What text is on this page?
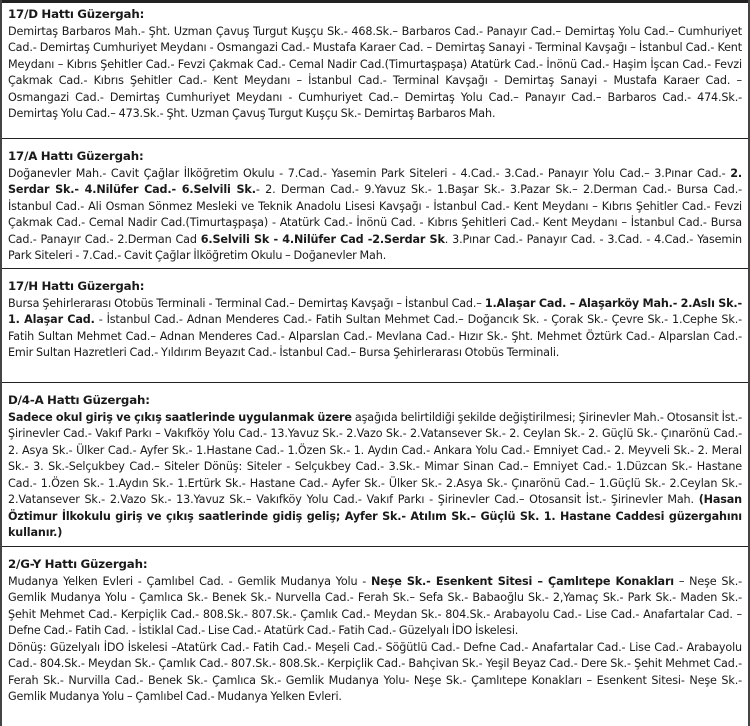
17/D Hattı Güzergah:

Demirtaş Barbaros Mah.- Şht. Uzman Çavuş Turgut Kuşçu Sk.- 468.Sk.– Barbaros Cad.- Panayır Cad.– Demirtaş Yolu Cad.– Cumhuriyet Cad.- Demirtaş Cumhuriyet Meydanı - Osmangazi Cad.- Mustafa Karaer Cad. – Demirtaş Sanayi - Terminal Kavşağı – İstanbul Cad.- Kent Meydanı – Kıbrıs Şehitler Cad.- Fevzi Çakmak Cad.- Cemal Nadir Cad.(Timurtaşpaşa) Atatürk Cad.- İnönü Cad.- Haşim İşcan Cad.- Fevzi Çakmak Cad.- Kıbrıs Şehitler Cad.- Kent Meydanı – İstanbul Cad.- Terminal Kavşağı - Demirtaş Sanayi - Mustafa Karaer Cad. – Osmangazi Cad.- Demirtaş Cumhuriyet Meydanı - Cumhuriyet Cad.– Demirtaş Yolu Cad.– Panayır Cad.– Barbaros Cad.- 474.Sk.- Demirtaş Yolu Cad.– 473.Sk.- Şht. Uzman Çavuş Turgut Kuşçu Sk.- Demirtaş Barbaros Mah.

17/A Hattı Güzergah:

Doğanevler Mah.- Cavit Çağlar İlköğretim Okulu - 7.Cad.- Yasemin Park Siteleri - 4.Cad.- 3.Cad.- Panayır Yolu Cad.– 3.Pınar Cad.- 2. Serdar Sk.- 4.Nilüfer Cad.- 6.Selvili Sk.- 2. Derman Cad.- 9.Yavuz Sk.- 1.Başar Sk.- 3.Pazar Sk.– 2.Derman Cad.- Bursa Cad.- İstanbul Cad.- Ali Osman Sönmez Mesleki ve Teknik Anadolu Lisesi Kavşağı - İstanbul Cad.- Kent Meydanı – Kıbrıs Şehitler Cad.- Fevzi Çakmak Cad.- Cemal Nadir Cad.(Timurtaşpaşa) - Atatürk Cad.- İnönü Cad. - Kıbrıs Şehitleri Cad.- Kent Meydanı – İstanbul Cad.- Bursa Cad.- Panayır Cad.- 2.Derman Cad 6.Selvili Sk - 4.Nilüfer Cad -2.Serdar Sk. 3.Pınar Cad.- Panayır Cad. - 3.Cad. - 4.Cad.- Yasemin Park Siteleri - 7.Cad.- Cavit Çağlar İlköğretim Okulu – Doğanevler Mah.

17/H Hattı Güzergah:

Bursa Şehirlerarası Otobüs Terminali - Terminal Cad.– Demirtaş Kavşağı – İstanbul Cad.– 1.Alaşar Cad. – Alaşarköy Mah.- 2.Aslı Sk.- 1. Alaşar Cad. - İstanbul Cad.- Adnan Menderes Cad.- Fatih Sultan Mehmet Cad.– Doğancık Sk. - Çorak Sk.- Çevre Sk.- 1.Cephe Sk.- Fatih Sultan Mehmet Cad.– Adnan Menderes Cad.- Alparslan Cad.- Mevlana Cad.- Hızır Sk.- Şht. Mehmet Öztürk Cad.- Alparslan Cad.- Emir Sultan Hazretleri Cad.- Yıldırım Beyazıt Cad.- İstanbul Cad.– Bursa Şehirlerarası Otobüs Terminali.

D/4-A Hattı Güzergah:

Sadece okul giriş ve çıkış saatlerinde uygulanmak üzere aşağıda belirtildiği şekilde değiştirilmesi; Şirinevler Mah.- Otosansit İst.- Şirinevler Cad.- Vakıf Parkı – Vakıfköy Yolu Cad.- 13.Yavuz Sk.- 2.Vazo Sk.- 2.Vatansever Sk.- 2. Ceylan Sk.- 2. Güçlü Sk.- Çınarönü Cad.- 2. Asya Sk.- Ülker Cad.- Ayfer Sk.- 1.Hastane Cad.- 1.Özen Sk.- 1. Aydın Cad.- Ankara Yolu Cad.- Emniyet Cad.- 2. Meyveli Sk.- 2. Meral Sk.- 3. Sk.-Selçukbey Cad.– Siteler Dönüş: Siteler - Selçukbey Cad.- 3.Sk.- Mimar Sinan Cad.– Emniyet Cad.- 1.Düzcan Sk.- Hastane Cad.- 1.Özen Sk.- 1.Aydın Sk.- 1.Ertürk Sk.- Hastane Cad.- Ayfer Sk.- Ülker Sk.- 2.Asya Sk.- Çınarönü Cad.– 1.Güçlü Sk.- 2.Ceylan Sk.- 2.Vatansever Sk.- 2.Vazo Sk.- 13.Yavuz Sk.– Vakıfköy Yolu Cad.- Vakıf Parkı - Şirinevler Cad.– Otosansit İst.- Şirinevler Mah. (Hasan Öztimur İlkokulu giriş ve çıkış saatlerinde gidiş geliş; Ayfer Sk.- Atılım Sk.– Güçlü Sk. 1. Hastane Caddesi güzergahını kullanır.)

2/G-Y Hattı Güzergah:

Mudanya Yelken Evleri - Çamlıbel Cad. - Gemlik Mudanya Yolu - Neşe Sk.- Esenkent Sitesi – Çamlıtepe Konakları – Neşe Sk.- Gemlik Mudanya Yolu - Çamlıca Sk.- Benek Sk.- Nurvella Cad.- Ferah Sk.– Sefa Sk.- Babaoğlu Sk.- 2,Yamaç Sk.- Park Sk.- Maden Sk.- Şehit Mehmet Cad.- Kerpiçlik Cad.- 808.Sk.- 807.Sk.- Çamlık Cad.- Meydan Sk.- 804.Sk.- Arabayolu Cad.- Lise Cad.- Anafartalar Cad. – Defne Cad.- Fatih Cad. - İstiklal Cad.- Lise Cad.- Atatürk Cad.- Fatih Cad.- Güzelyalı İDO İskelesi.
Dönüş: Güzelyalı İDO İskelesi –Atatürk Cad.- Fatih Cad.- Meşeli Cad.- Söğütlü Cad.- Defne Cad.- Anafartalar Cad.- Lise Cad.- Arabayolu Cad.- 804.Sk.- Meydan Sk.- Çamlık Cad.- 807.Sk.- 808.Sk.- Kerpiçlik Cad.- Bahçivan Sk.- Yeşil Beyaz Cad.- Dere Sk.- Şehit Mehmet Cad.- Ferah Sk.- Nurvilla Cad.- Benek Sk.- Çamlıca Sk.- Gemlik Mudanya Yolu- Neşe Sk.- Çamlıtepe Konakları – Esenkent Sitesi- Neşe Sk.- Gemlik Mudanya Yolu – Çamlıbel Cad.- Mudanya Yelken Evleri.
